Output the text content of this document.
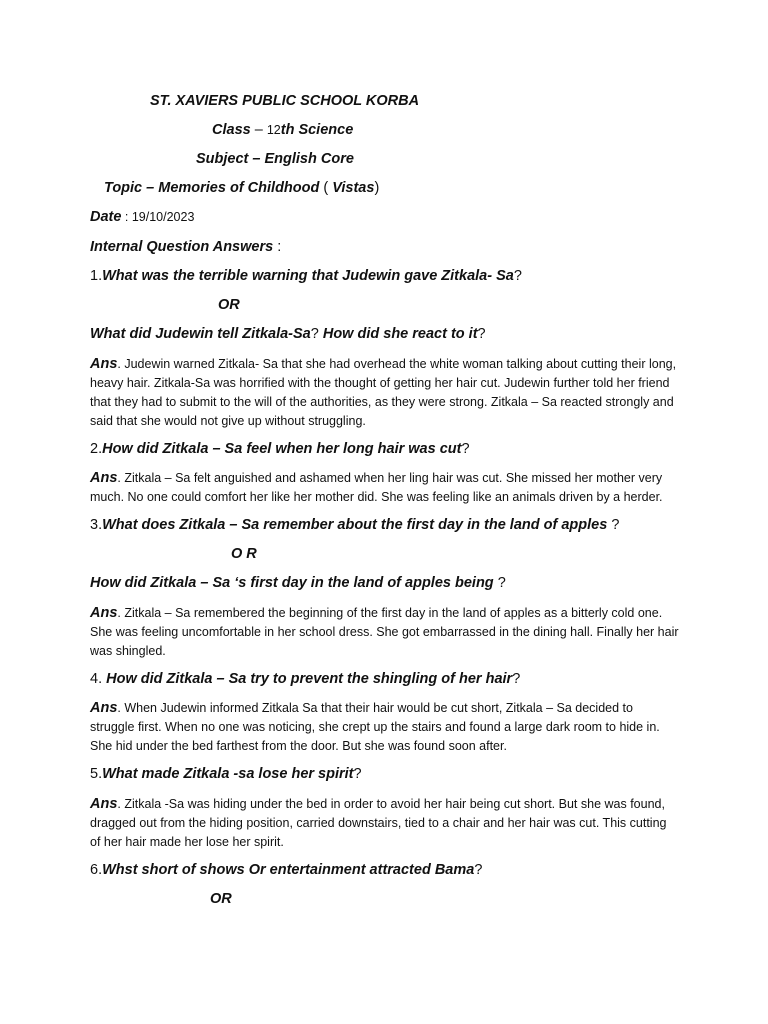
ST. XAVIERS PUBLIC SCHOOL KORBA
Class – 12th Science
Subject – English Core
Topic – Memories of Childhood ( Vistas)
Date : 19/10/2023
Internal Question Answers :
1.What was the terrible warning that Judewin gave Zitkala- Sa?
OR
What did Judewin tell Zitkala-Sa? How did she react to it?
Ans. Judewin warned Zitkala- Sa that she had overhead the white woman talking about cutting their long, heavy hair. Zitkala-Sa was horrified with the thought of getting her hair cut. Judewin further told her friend that they had to submit to the will of the authorities, as they were strong. Zitkala – Sa reacted strongly and said that she would not give up without struggling.
2.How did Zitkala – Sa feel when her long hair was cut?
Ans. Zitkala – Sa felt anguished and ashamed when her ling hair was cut. She missed her mother very much. No one could comfort her like her mother did. She was feeling like an animals driven by a herder.
3.What does Zitkala – Sa remember about the first day in the land of apples ?
O R
How did Zitkala – Sa ‘s first day in the land of apples being ?
Ans. Zitkala – Sa remembered the beginning of the first day in the land of apples as a bitterly cold one. She was feeling uncomfortable in her school dress. She got embarrassed in the dining hall. Finally her hair was shingled.
4. How did Zitkala – Sa try to prevent the shingling of her hair?
Ans. When Judewin informed Zitkala Sa that their hair would be cut short, Zitkala – Sa decided to struggle first. When no one was noticing, she crept up the stairs and found a large dark room to hide in. She hid under the bed farthest from the door. But she was found soon after.
5.What made Zitkala -sa lose her spirit?
Ans. Zitkala -Sa was hiding under the bed in order to avoid her hair being cut short. But she was found, dragged out from the hiding position, carried downstairs, tied to a chair and her hair was cut. This cutting of her hair made her lose her spirit.
6.Whst short of shows Or entertainment attracted Bama?
OR
